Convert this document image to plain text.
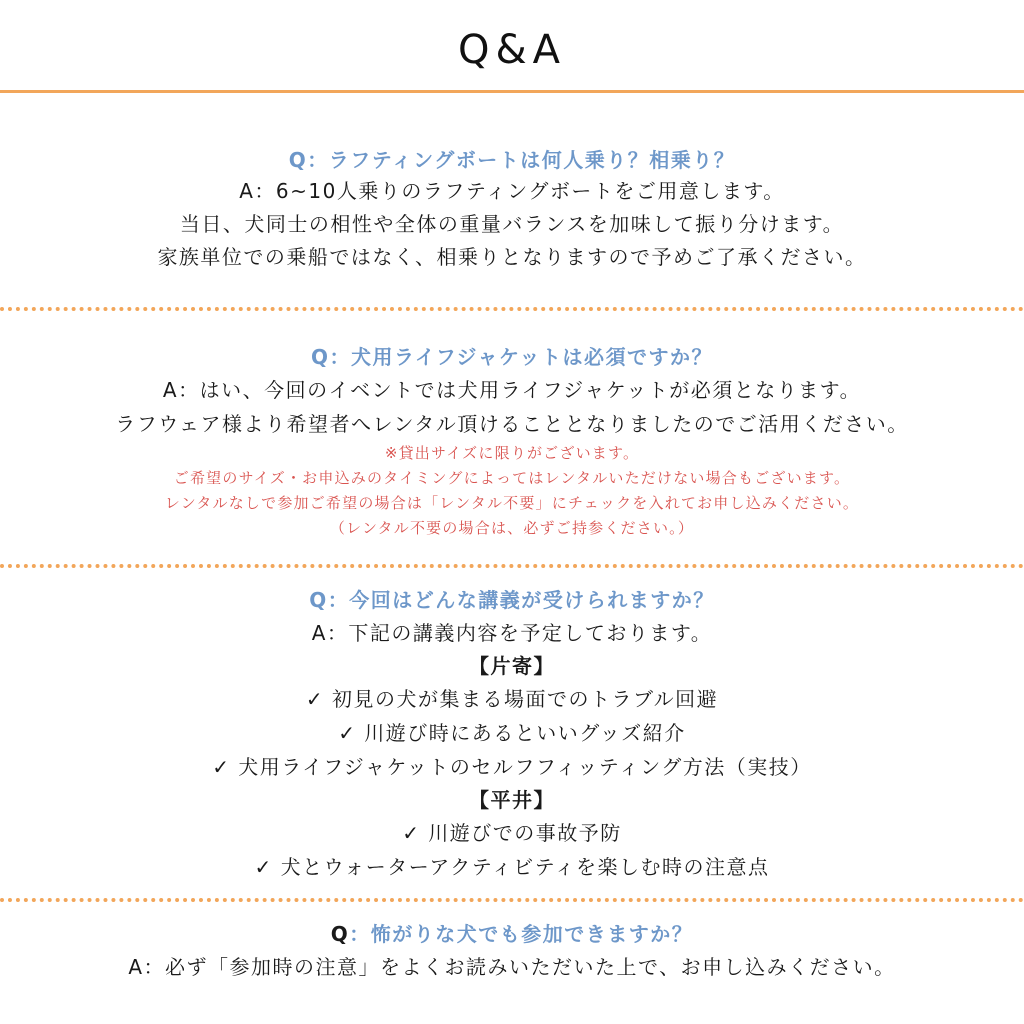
Q&A
Q：ラフティングボートは何人乗り？相乗り？
A：6~10人乗りのラフティングボートをご用意します。
当日、犬同士の相性や全体の重量バランスを加味して振り分けます。
家族単位での乗船ではなく、相乗りとなりますので予めご了承ください。
Q：犬用ライフジャケットは必須ですか？
A：はい、今回のイベントでは犬用ライフジャケットが必須となります。
ラフウェア様より希望者へレンタル頂けることとなりましたのでご活用ください。
※貸出サイズに限りがございます。
ご希望のサイズ・お申込みのタイミングによってはレンタルいただけない場合もございます。
レンタルなしで参加ご希望の場合は「レンタル不要」にチェックを入れてお申し込みください。
（レンタル不要の場合は、必ずご持参ください。）
Q：今回はどんな講義が受けられますか？
A：下記の講義内容を予定しております。
【片寄】
✓ 初見の犬が集まる場面でのトラブル回避
✓ 川遊び時にあるといいグッズ紹介
✓ 犬用ライフジャケットのセルフフィッティング方法（実技）
【平井】
✓ 川遊びでの事故予防
✓ 犬とウォーターアクティビティを楽しむ時の注意点
Q：怖がりな犬でも参加できますか？
A：必ず「参加時の注意」をよくお読みいただいた上で、お申し込みください。
